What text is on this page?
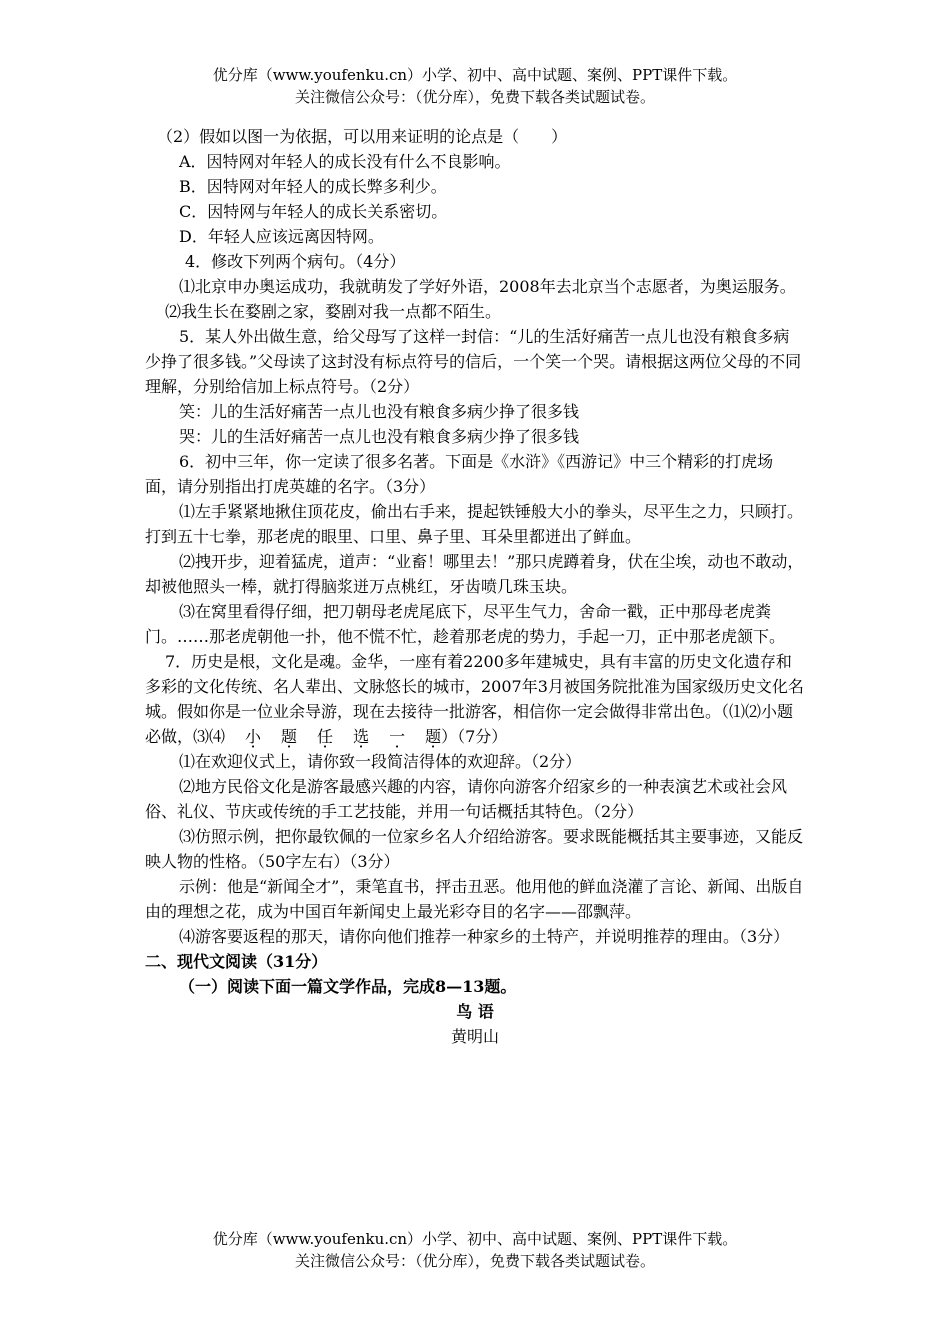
优分库（www.youfenku.cn）小学、初中、高中试题、案例、PPT课件下载。
关注微信公众号：（优分库），免费下载各类试题试卷。

（2）假如以图一为依据，可以用来证明的论点是（　　）

A．因特网对年轻人的成长没有什么不良影响。

B．因特网对年轻人的成长弊多利少。

C．因特网与年轻人的成长关系密切。

D．年轻人应该远离因特网。

4．修改下列两个病句。（4分）

⑴北京申办奥运成功，我就萌发了学好外语，2008年去北京当个志愿者，为奥运服务。

⑵我生长在婺剧之家，婺剧对我一点都不陌生。

5．某人外出做生意，给父母写了这样一封信：“儿的生活好痛苦一点儿也没有粮食多病少挣了很多钱。”父母读了这封没有标点符号的信后，一个笑一个哭。请根据这两位父母的不同理解，分别给信加上标点符号。（2分）

笑：儿的生活好痛苦一点儿也没有粮食多病少挣了很多钱

哭：儿的生活好痛苦一点儿也没有粮食多病少挣了很多钱

6．初中三年，你一定读了很多名著。下面是《水浒》《西游记》中三个精彩的打虎场面，请分别指出打虎英雄的名字。（3分）

⑴左手紧紧地揪住顶花皮，偷出右手来，提起铁锤般大小的拳头，尽平生之力，只顾打。打到五十七拳，那老虎的眼里、口里、鼻子里、耳朵里都迸出了鲜血。

⑵拽开步，迎着猛虎，道声：“业畜！哪里去！”那只虎蹲着身，伏在尘埃，动也不敢动，却被他照头一棒，就打得脑浆迸万点桃红，牙齿喷几珠玉块。

⑶在窝里看得仔细，把刀朝母老虎尾底下，尽平生气力，舍命一戳，正中那母老虎粪门。……那老虎朝他一扑，他不慌不忙，趁着那老虎的势力，手起一刀，正中那老虎颔下。

7．历史是根，文化是魂。金华，一座有着2200多年建城史，具有丰富的历史文化遗存和多彩的文化传统、名人辈出、文脉悠长的城市，2007年3月被国务院批准为国家级历史文化名城。假如你是一位业余导游，现在去接待一批游客，相信你一定会做得非常出色。（⑴⑵小题必做，⑶⑷ 小 题 任 选 一 题）（7分）

⑴在欢迎仪式上，请你致一段简洁得体的欢迎辞。（2分）

⑵地方民俗文化是游客最感兴趣的内容，请你向游客介绍家乡的一种表演艺术或社会风俗、礼仪、节庆或传统的手工艺技能，并用一句话概括其特色。（2分）

⑶仿照示例，把你最钦佩的一位家乡名人介绍给游客。要求既能概括其主要事迹，又能反映人物的性格。（50字左右）（3分）

示例：他是“新闻全才”，秉笔直书，抨击丑恶。他用他的鲜血浇灌了言论、新闻、出版自由的理想之花，成为中国百年新闻史上最光彩夺目的名字——邵飘萍。

⑷游客要返程的那天，请你向他们推荐一种家乡的土特产，并说明推荐的理由。（3分）

二、现代文阅读（31分）

（一）阅读下面一篇文学作品，完成8—13题。

鸟 语

黄明山

优分库（www.youfenku.cn）小学、初中、高中试题、案例、PPT课件下载。
关注微信公众号：（优分库），免费下载各类试题试卷。
